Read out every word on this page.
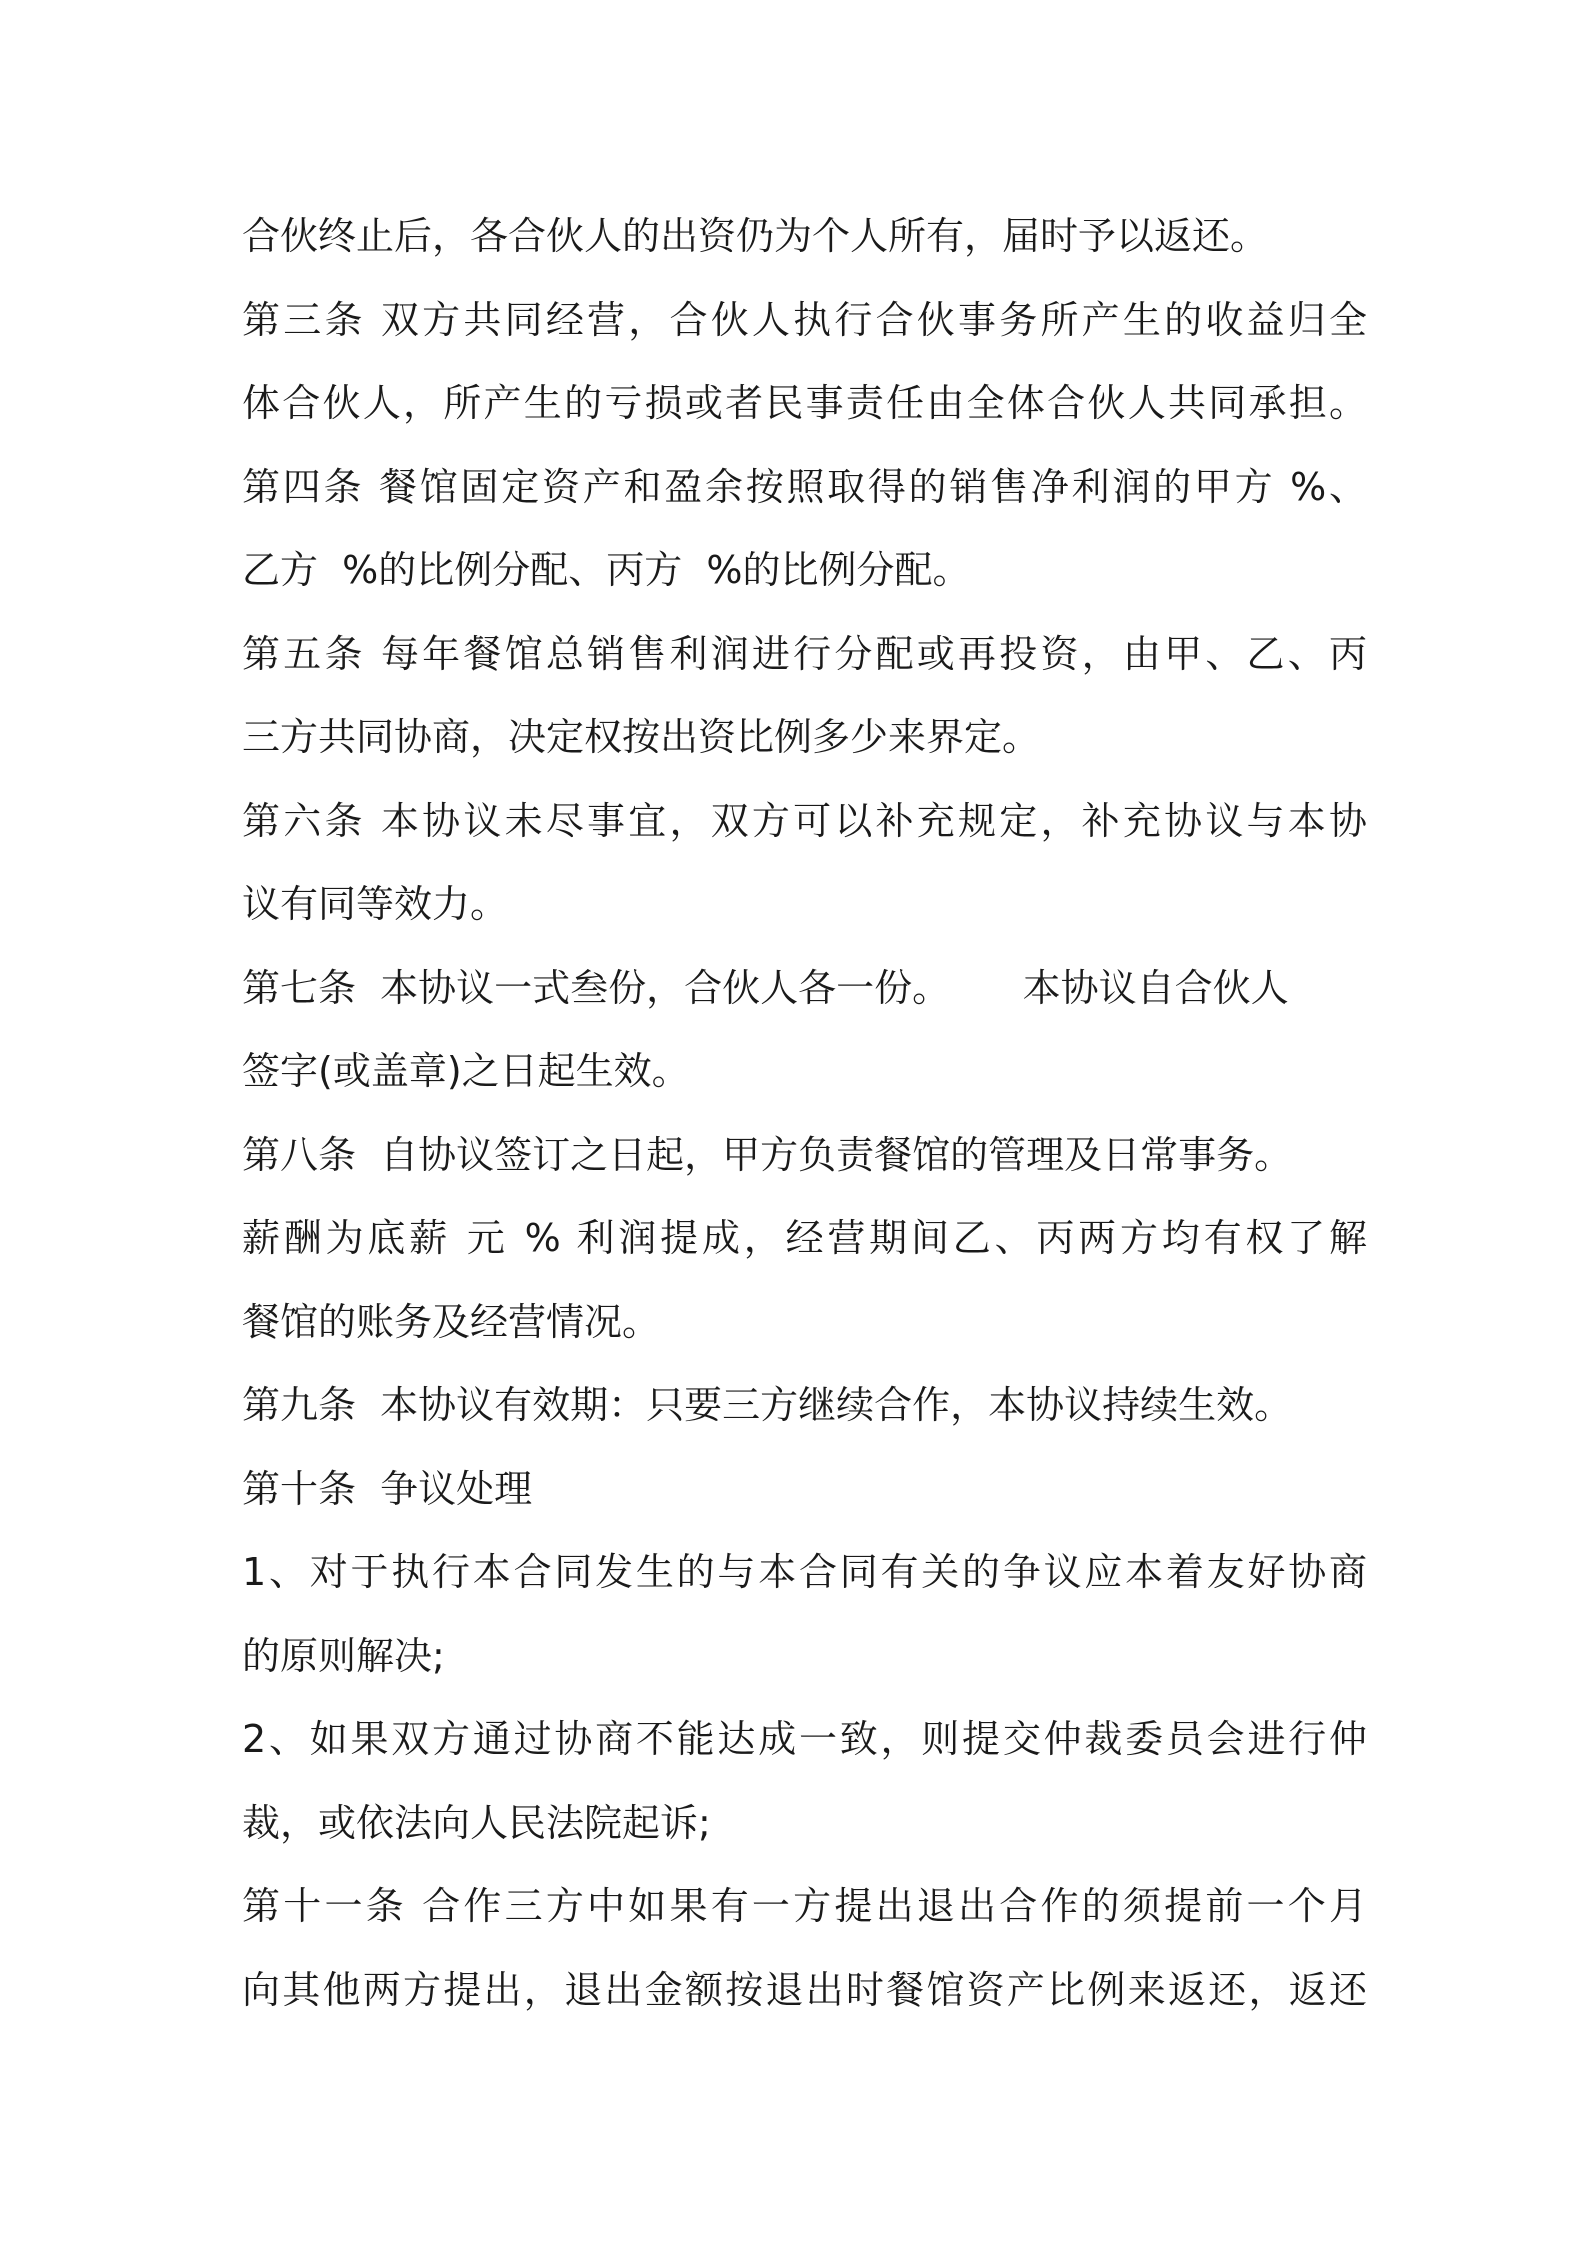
合伙终止后，各合伙人的出资仍为个人所有，届时予以返还。
第三条 双方共同经营，合伙人执行合伙事务所产生的收益归全
体合伙人，所产生的亏损或者民事责任由全体合伙人共同承担。
第四条 餐馆固定资产和盈余按照取得的销售净利润的甲方 %、
乙方  %的比例分配、丙方  %的比例分配。
第五条 每年餐馆总销售利润进行分配或再投资，由甲、乙、丙
三方共同协商，决定权按出资比例多少来界定。
第六条 本协议未尽事宜，双方可以补充规定，补充协议与本协
议有同等效力。
第七条  本协议一式叁份，合伙人各一份。      本协议自合伙人
签字(或盖章)之日起生效。
第八条  自协议签订之日起，甲方负责餐馆的管理及日常事务。
薪酬为底薪 元 % 利润提成，经营期间乙、丙两方均有权了解
餐馆的账务及经营情况。
第九条  本协议有效期：只要三方继续合作，本协议持续生效。
第十条  争议处理
1、对于执行本合同发生的与本合同有关的争议应本着友好协商
的原则解决;
2、如果双方通过协商不能达成一致，则提交仲裁委员会进行仲
裁，或依法向人民法院起诉;
第十一条 合作三方中如果有一方提出退出合作的须提前一个月
向其他两方提出，退出金额按退出时餐馆资产比例来返还，返还
